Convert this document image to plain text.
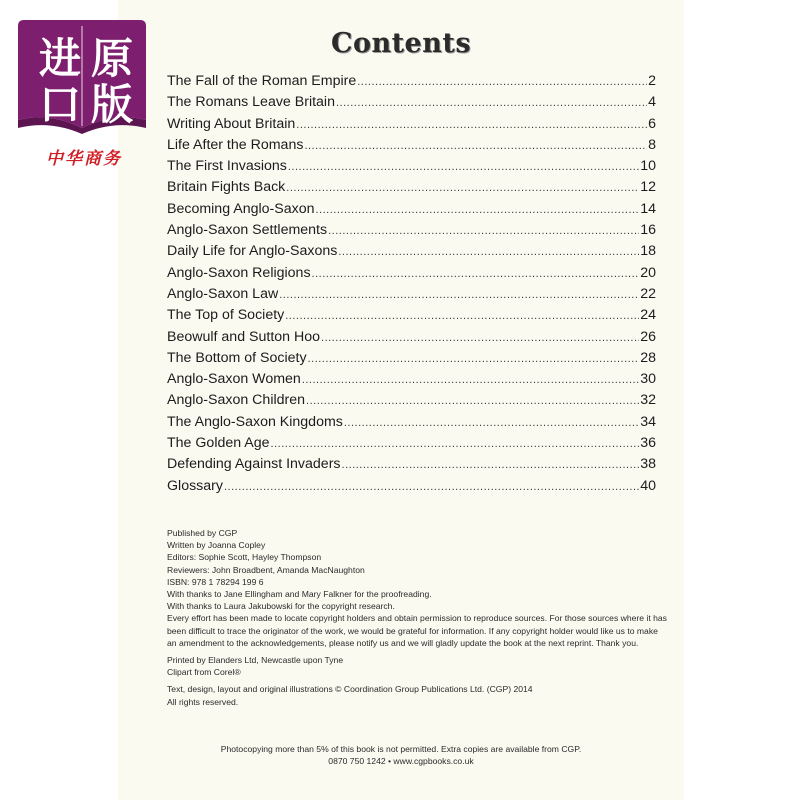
进 原
口 版
中华商务
Contents
The Fall of the Roman Empire .....	2
The Romans Leave Britain .....	4
Writing About Britain .....	6
Life After the Romans .....	8
The First Invasions .....	10
Britain Fights Back .....	12
Becoming Anglo-Saxon .....	14
Anglo-Saxon Settlements .....	16
Daily Life for Anglo-Saxons .....	18
Anglo-Saxon Religions .....	20
Anglo-Saxon Law .....	22
The Top of Society .....	24
Beowulf and Sutton Hoo .....	26
The Bottom of Society .....	28
Anglo-Saxon Women .....	30
Anglo-Saxon Children .....	32
The Anglo-Saxon Kingdoms .....	34
The Golden Age .....	36
Defending Against Invaders .....	38
Glossary .....	40

Published by CGP

Written by Joanna Copley

Editors: Sophie Scott, Hayley Thompson

Reviewers: John Broadbent, Amanda MacNaughton

ISBN: 978 1 78294 199 6

With thanks to Jane Ellingham and Mary Falkner for the proofreading.

With thanks to Laura Jakubowski for the copyright research.

Every effort has been made to locate copyright holders and obtain permission to reproduce sources. For those sources where it has been difficult to trace the originator of the work, we would be grateful for information. If any copyright holder would like us to make an amendment to the acknowledgements, please notify us and we will gladly update the book at the next reprint. Thank you.

Printed by Elanders Ltd, Newcastle upon Tyne

Clipart from Corel®

Text, design, layout and original illustrations © Coordination Group Publications Ltd. (CGP) 2014

All rights reserved.

Photocopying more than 5% of this book is not permitted. Extra copies are available from CGP.

0870 750 1242 • www.cgpbooks.co.uk
